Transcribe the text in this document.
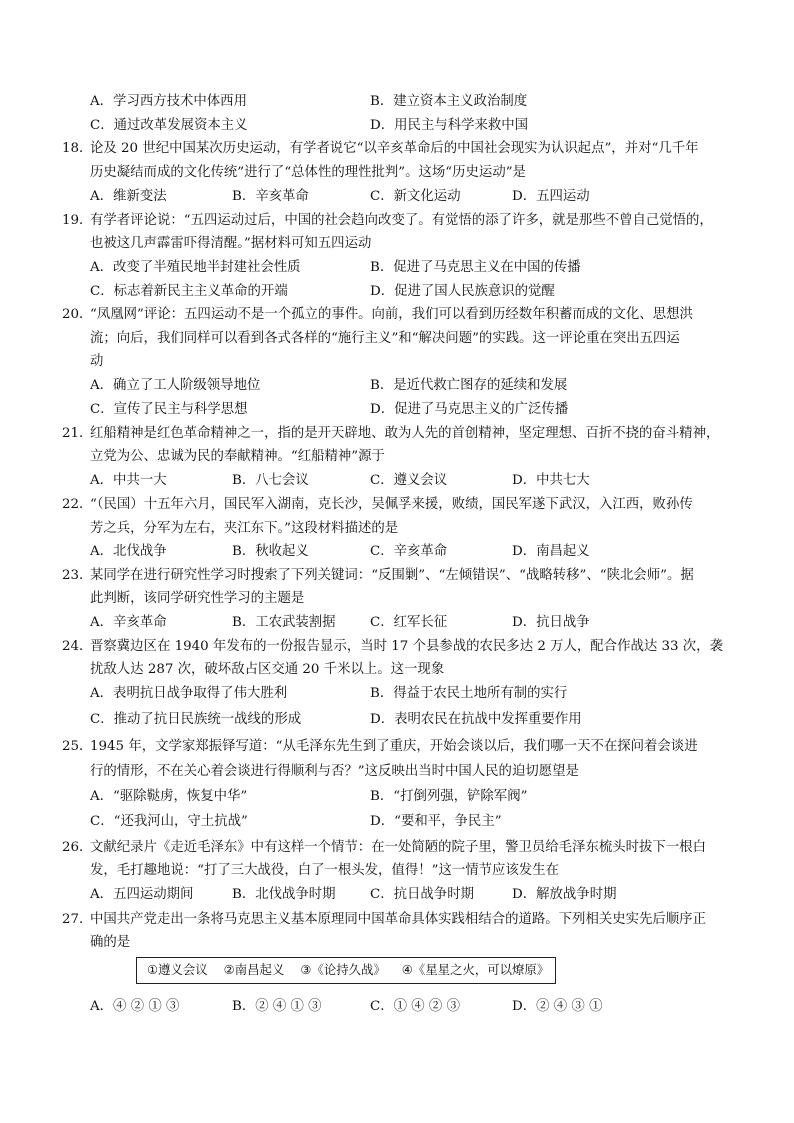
A．学习西方技术中体西用	B．建立资本主义政治制度
C．通过改革发展资本主义	D．用民主与科学来救中国
18．
论及 20 世纪中国某次历史运动，有学者说它“以辛亥革命后的中国社会现实为认识起点”，并对“几千年
历史凝结而成的文化传统”进行了“总体性的理性批判”。这场“历史运动”是
A．维新变法	B．辛亥革命	C．新文化运动	D．五四运动
19．
有学者评论说：“五四运动过后，中国的社会趋向改变了。有觉悟的添了许多，就是那些不曾自己觉悟的，
也被这几声霹雷吓得清醒。”据材料可知五四运动
A．改变了半殖民地半封建社会性质	B．促进了马克思主义在中国的传播
C．标志着新民主主义革命的开端	D．促进了国人民族意识的觉醒
20．
“凤凰网”评论：五四运动不是一个孤立的事件。向前，我们可以看到历经数年积蓄而成的文化、思想洪
流；向后，我们同样可以看到各式各样的“施行主义”和“解决问题”的实践。这一评论重在突出五四运
动
A．确立了工人阶级领导地位	B．是近代救亡图存的延续和发展
C．宣传了民主与科学思想	D．促进了马克思主义的广泛传播
21．
红船精神是红色革命精神之一，指的是开天辟地、敢为人先的首创精神，坚定理想、百折不挠的奋斗精神，
立党为公、忠诚为民的奉献精神。“红船精神”源于
A．中共一大	B．八七会议	C．遵义会议	D．中共七大
22．
“（民国）十五年六月，国民军入湖南，克长沙，吴佩孚来援，败绩，国民军遂下武汉，入江西，败孙传
芳之兵，分军为左右，夹江东下。”这段材料描述的是
A．北伐战争	B．秋收起义	C．辛亥革命	D．南昌起义
23．
某同学在进行研究性学习时搜索了下列关键词：“反围剿”、“左倾错误”、“战略转移”、“陕北会师”。据
此判断，该同学研究性学习的主题是
A．辛亥革命	B．工农武装割据	C．红军长征	D．抗日战争
24．
晋察冀边区在 1940 年发布的一份报告显示，当时 17 个县参战的农民多达 2 万人，配合作战达 33 次，袭
扰敌人达 287 次，破坏敌占区交通 20 千米以上。这一现象
A．表明抗日战争取得了伟大胜利	B．得益于农民土地所有制的实行
C．推动了抗日民族统一战线的形成	D．表明农民在抗战中发挥重要作用
25．
1945 年，文学家郑振铎写道：“从毛泽东先生到了重庆，开始会谈以后，我们哪一天不在探问着会谈进
行的情形，不在关心着会谈进行得顺利与否？”这反映出当时中国人民的迫切愿望是
A．“驱除鞑虏，恢复中华”	B．“打倒列强，铲除军阀”
C．“还我河山，守土抗战”	D．“要和平，争民主”
26．
文献纪录片《走近毛泽东》中有这样一个情节：在一处简陋的院子里，警卫员给毛泽东梳头时拔下一根白
发，毛打趣地说：“打了三大战役，白了一根头发，值得！”这一情节应该发生在
A．五四运动期间	B．北伐战争时期	C．抗日战争时期	D．解放战争时期
27．
中国共产党走出一条将马克思主义基本原理同中国革命具体实践相结合的道路。下列相关史实先后顺序正
确的是
①遵义会议 ②南昌起义 ③《论持久战》 ④《星星之火，可以燎原》
A．④ ② ① ③	B．② ④ ① ③	C．① ④ ② ③	D．② ④ ③ ①
